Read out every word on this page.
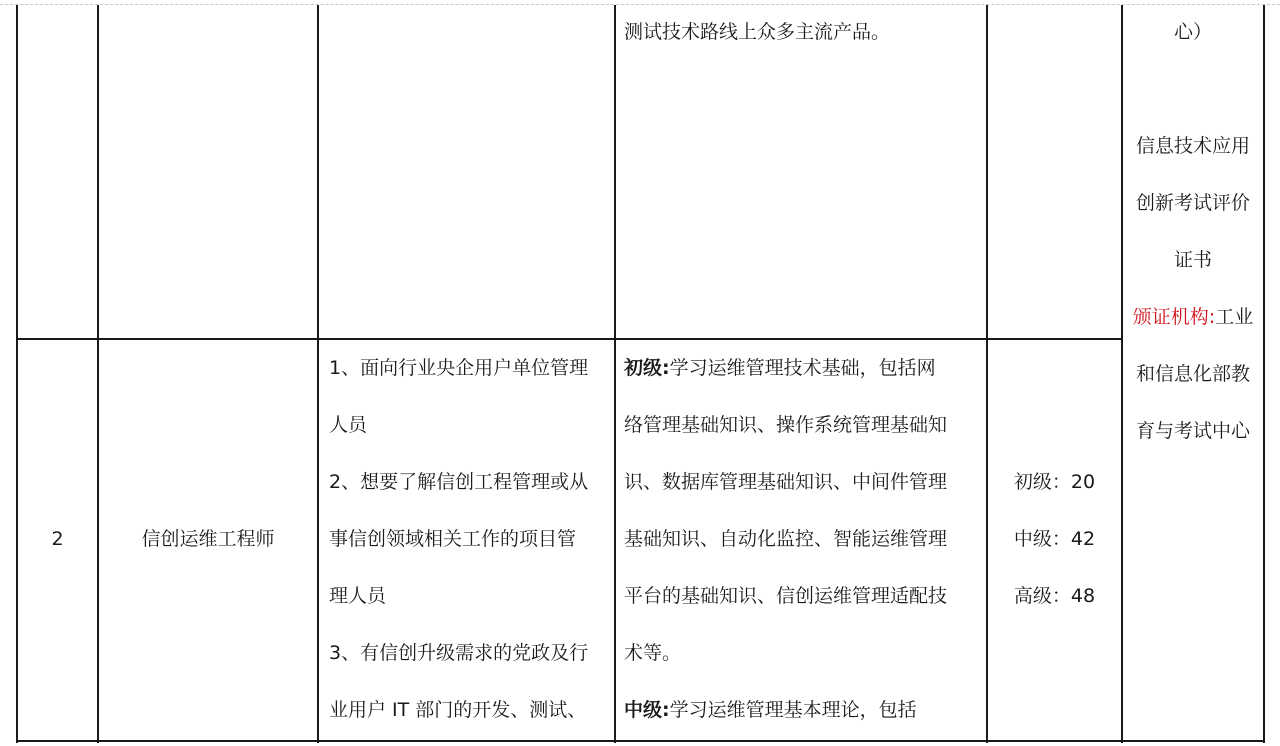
测试技术路线上众多主流产品。	心）
信息技术应用
创新考试评价
证书
颁证机构:工业
和信息化部教
育与考试中心
2	信创运维工程师
1、面向行业央企用户单位管理
人员
2、想要了解信创工程管理或从
事信创领域相关工作的项目管
理人员
3、有信创升级需求的党政及行
业用户 IT 部门的开发、测试、
初级:学习运维管理技术基础，包括网
络管理基础知识、操作系统管理基础知
识、数据库管理基础知识、中间件管理
基础知识、自动化监控、智能运维管理
平台的基础知识、信创运维管理适配技
术等。
中级:学习运维管理基本理论，包括
初级：20
中级：42
高级：48
